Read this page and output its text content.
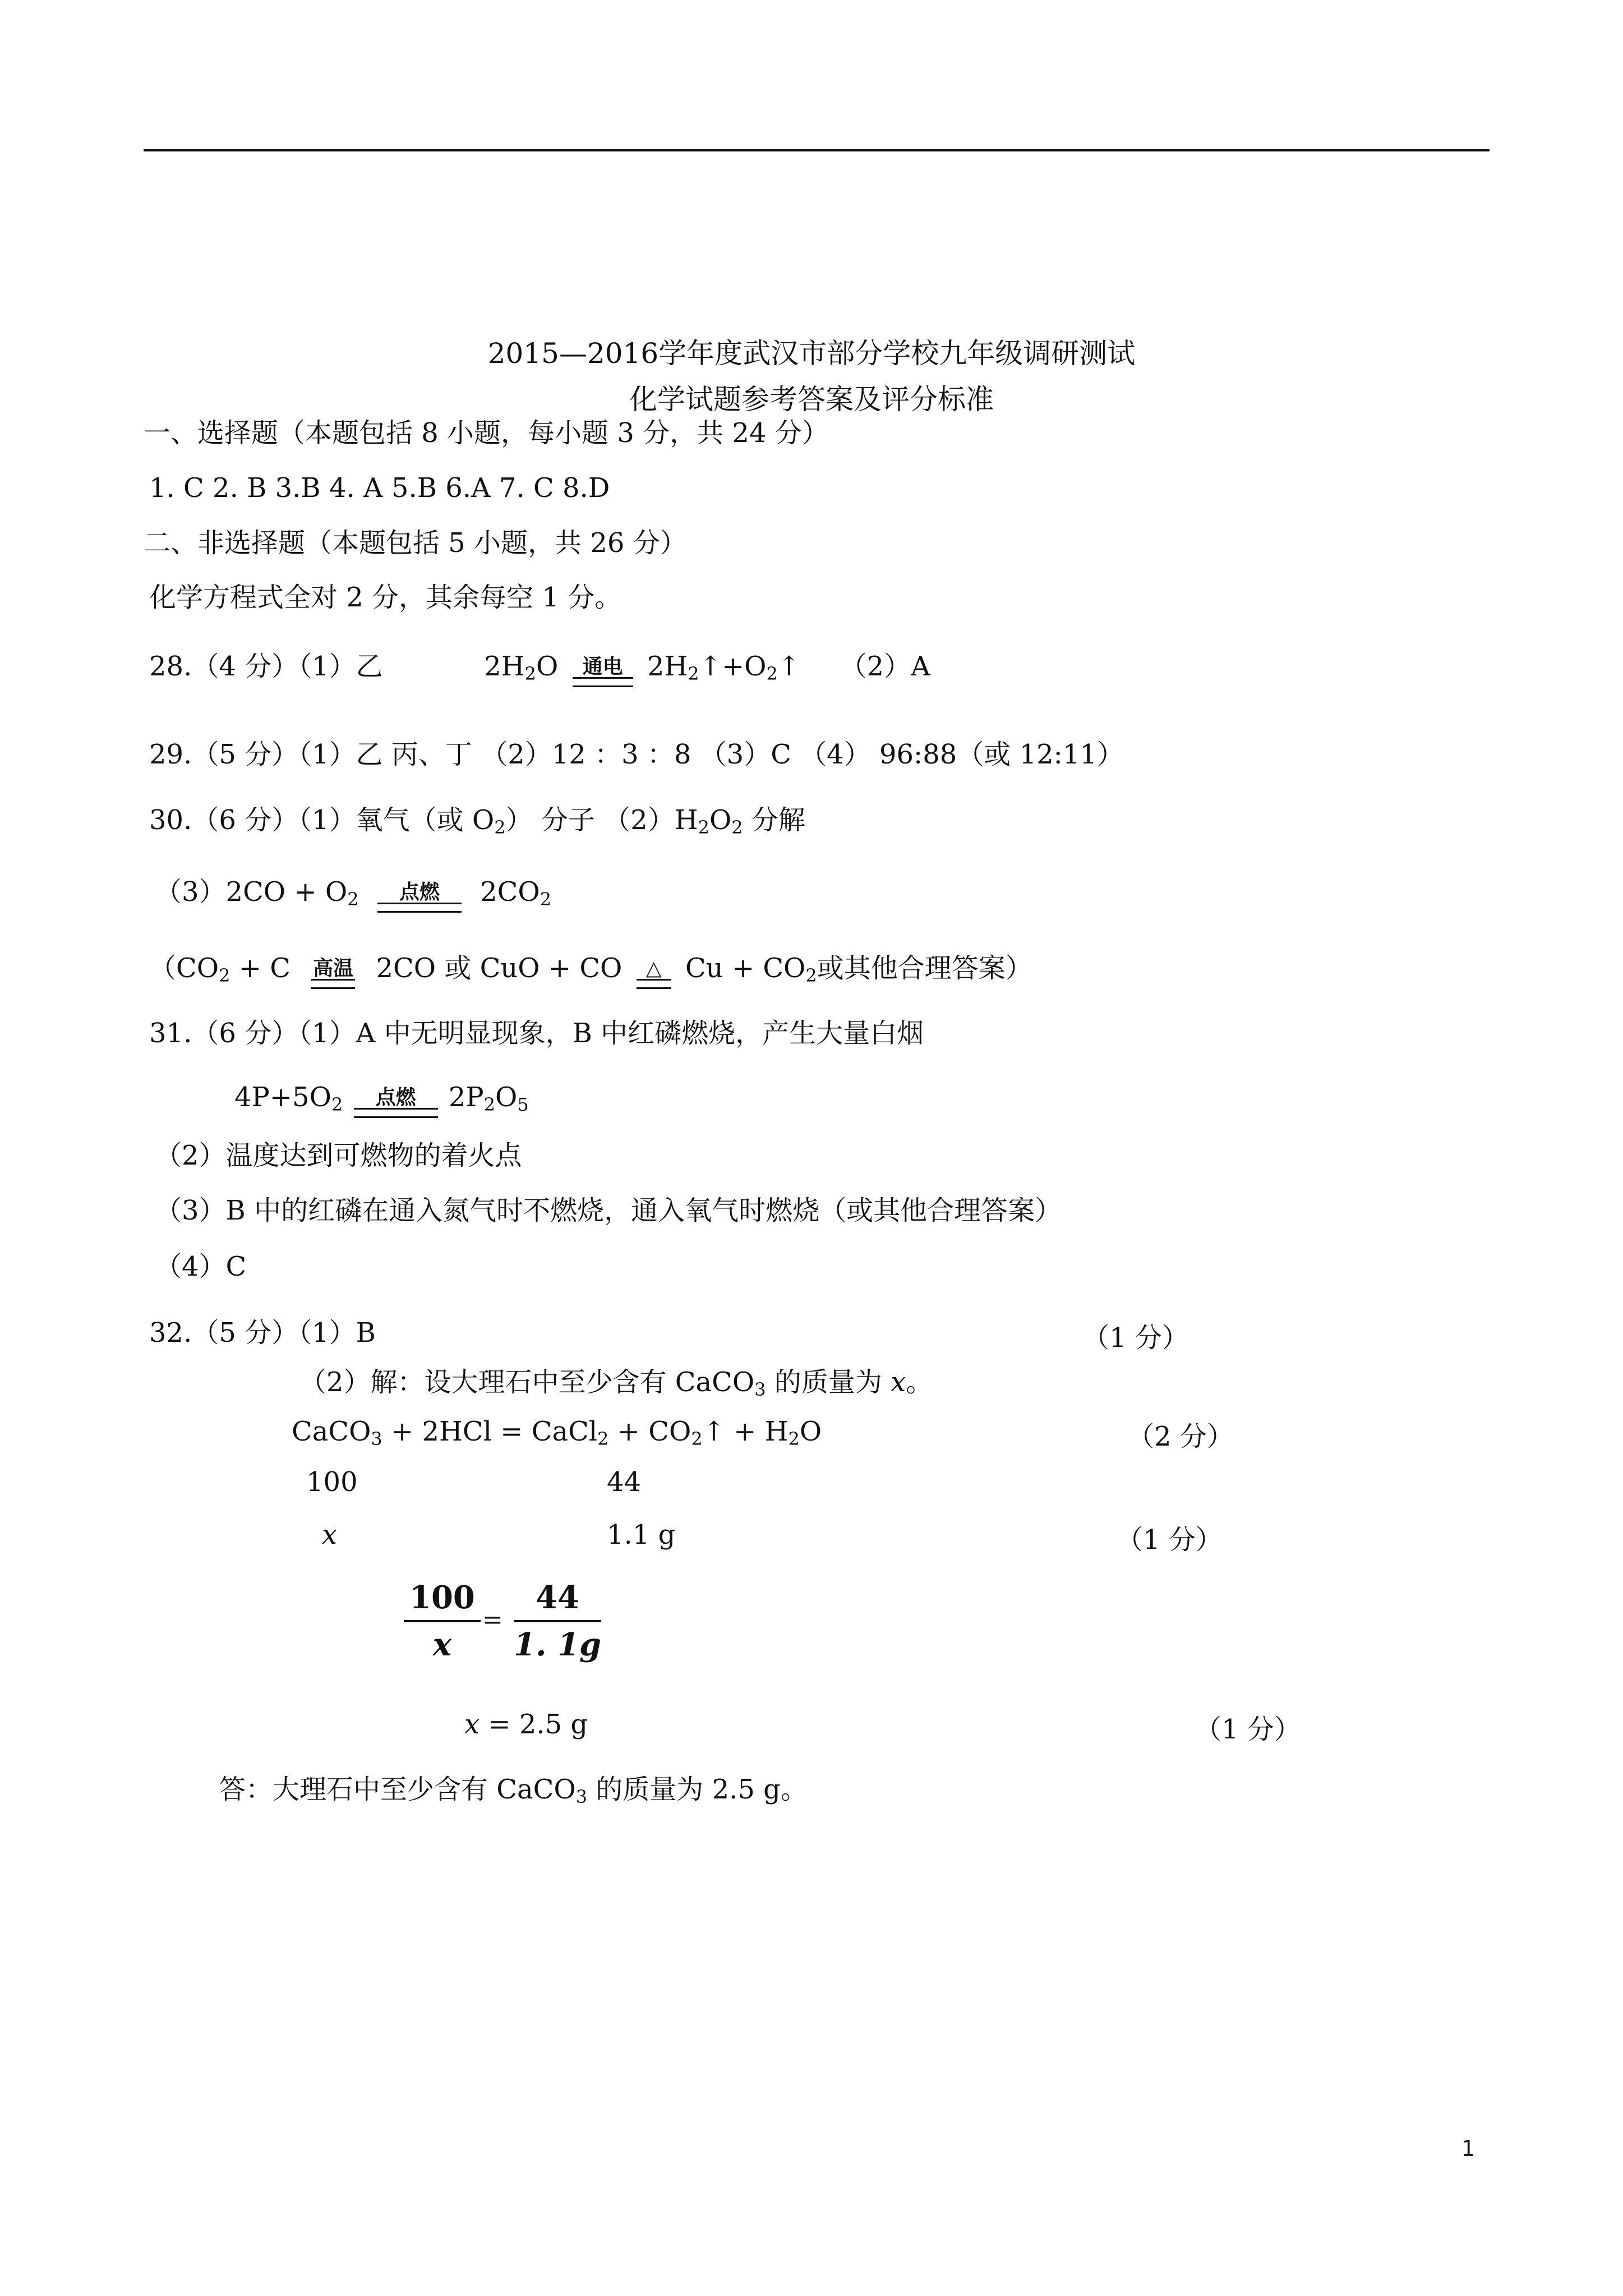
2015—2016学年度武汉市部分学校九年级调研测试
化学试题参考答案及评分标准
一、选择题（本题包括 8 小题，每小题 3 分，共 24 分）
1. C 2. B 3.B 4. A 5.B 6.A 7. C 8.D
二、非选择题（本题包括 5 小题，共 26 分）
化学方程式全对 2 分，其余每空 1 分。
28.（4 分）（1）乙	$2H_2O$	通电 $2H_2↑+O_2↑$ （2）A
29.（5 分）（1）乙 丙、丁 （2）12 ：3 ：8 （3）C （4） 96:88（或 12:11）
30.（6 分）（1）氧气（或 $O_2$） 分子 $(2)H_2O_2$ 分解
$(3)2CO + O_2$	点燃	$2CO_2$
（$CO_2 + C$ 高温 2CO 或 CuO + CO	△ $Cu + CO_2$或其他合理答案）
31.（6 分）（1）A 中无明显现象，B 中红磷燃烧，产生大量白烟
$4P+5O_2$	点燃	$2P_2O_5$
（2）温度达到可燃物的着火点
（3）B 中的红磷在通入氮气时不燃烧，通入氧气时燃烧（或其他合理答案）
（4）C
32.（5 分）（1）B	（1 分）
（2）解：设大理石中至少含有 CaCO$_3$ 的质量为 x。
CaCO$_3$ + 2HCl = CaCl$_2$ + $CO_2↑ + H_2O$	（2 分）
100	44
x	1.1 g	（1 分）
$\frac{100}{x} = \frac{44}{1. 1g}$
x = 2.5 g	（1 分）
答：大理石中至少含有 CaCO$_3$ 的质量为 2.5 g。
1
